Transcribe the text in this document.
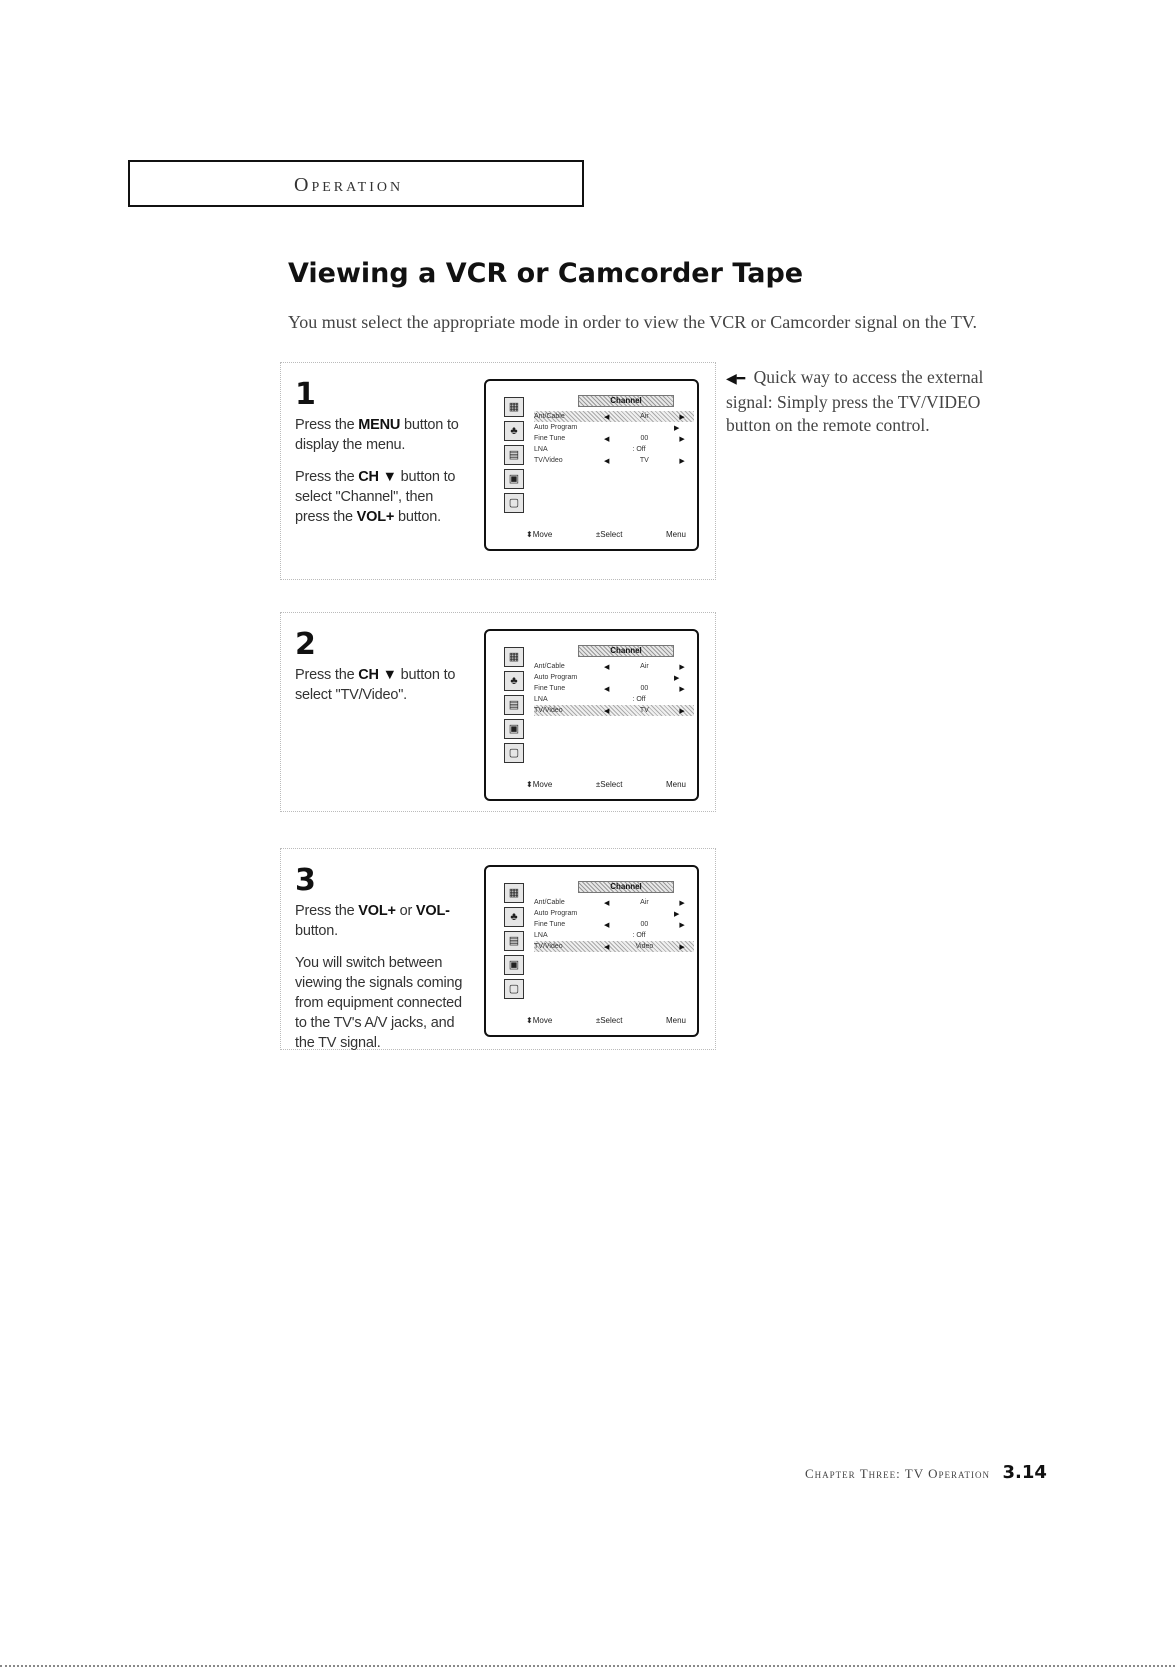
Operation
Viewing a VCR or Camcorder Tape
You must select the appropriate mode in order to view the VCR or Camcorder signal on the TV.
◀━ Quick way to access the external signal: Simply press the TV/VIDEO button on the remote control.
1
Press the MENU button to display the menu.
Press the CH ▼ button to select "Channel", then press the VOL+ button.
▦
♣
▤
▣
▢
Channel
Ant/Cable	◀	Air	▶
Auto Program	▶
Fine Tune	◀	00	▶
LNA	: Off
TV/Video	◀	TV	▶
⬍Move	±Select	Menu
2
Press the CH ▼ button to select "TV/Video".
▦
♣
▤
▣
▢
Channel
Ant/Cable	◀	Air	▶
Auto Program	▶
Fine Tune	◀	00	▶
LNA	: Off
TV/Video	◀	TV	▶
⬍Move	±Select	Menu
3
Press the VOL+ or VOL- button.
You will switch between viewing the signals coming from equipment connected to the TV's A/V jacks, and the TV signal.
▦
♣
▤
▣
▢
Channel
Ant/Cable	◀	Air	▶
Auto Program	▶
Fine Tune	◀	00	▶
LNA	: Off
TV/Video	◀	Video	▶
⬍Move	±Select	Menu
Chapter Three: TV Operation 3.14
